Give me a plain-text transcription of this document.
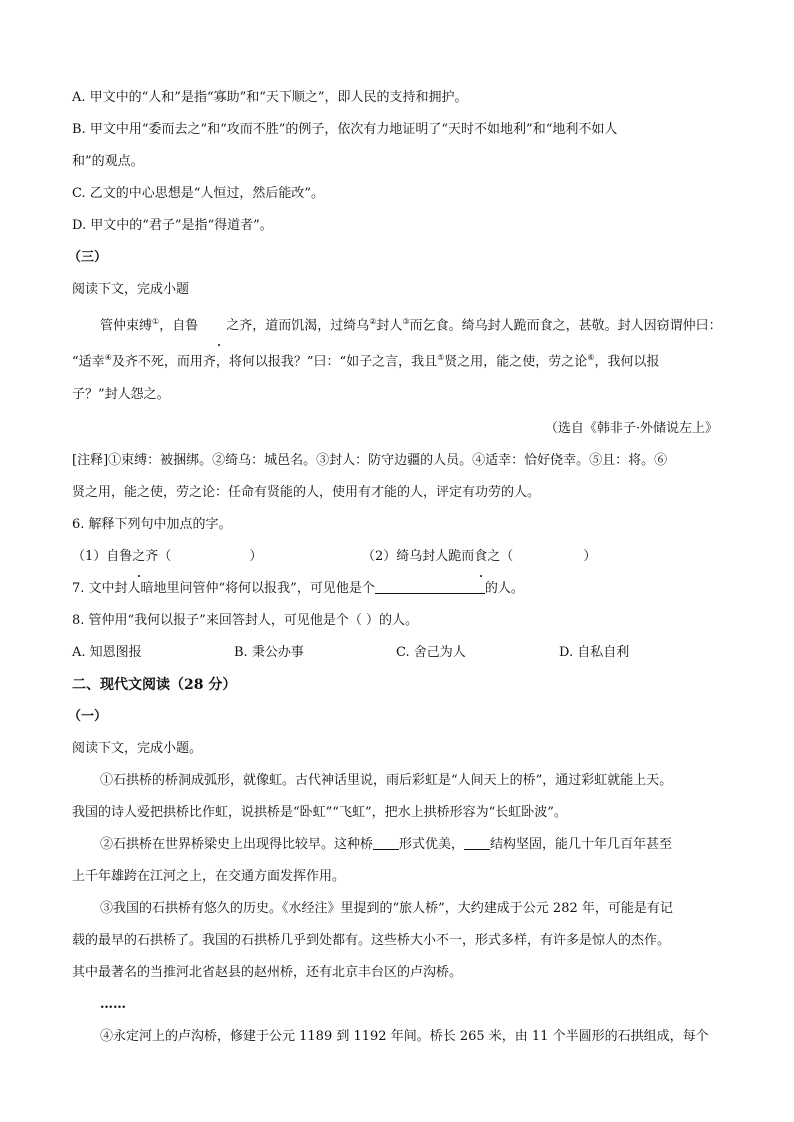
A. 甲文中的“人和”是指“寡助”和“天下顺之”，即人民的支持和拥护。
B. 甲文中用“委而去之”和“攻而不胜”的例子，依次有力地证明了“天时不如地利”和“地利不如人
和”的观点。
C. 乙文的中心思想是“人恒过，然后能改”。
D. 甲文中的“君子”是指“得道者”。
（三）
阅读下文，完成小题
管仲束缚①，自鲁 之齐，道而饥渴，过绮乌②封人③而乞食。绮乌封人跪而食之，甚敬。封人因窃谓仲曰：
“适幸④及齐不死，而用齐，将何以报我？”曰：“如子之言，我且⑤贤之用，能之使，劳之论⑥，我何以报
子？”封人怨之。
（选自《韩非子·外储说左上》
[注释]①束缚：被捆绑。②绮乌：城邑名。③封人：防守边疆的人员。④适幸：恰好侥幸。⑤且：将。⑥
贤之用，能之使，劳之论：任命有贤能的人，使用有才能的人，评定有功劳的人。
6. 解释下列句中加点的字。
（1）自鲁之齐（	）	（2）绮乌封人跪而食之（	）
7. 文中封人暗地里问管仲“将何以报我”，可见他是个	的人。
8. 管仲用“我何以报子”来回答封人，可见他是个（ ）的人。
A. 知恩图报	B. 秉公办事	C. 舍己为人	D. 自私自利
二、现代文阅读（28 分）
（一）
阅读下文，完成小题。
①石拱桥的桥洞成弧形，就像虹。古代神话里说，雨后彩虹是“人间天上的桥”，通过彩虹就能上天。
我国的诗人爱把拱桥比作虹，说拱桥是“卧虹”“飞虹”，把水上拱桥形容为“长虹卧波”。
②石拱桥在世界桥梁史上出现得比较早。这种桥 形式优美， 结构坚固，能几十年几百年甚至
上千年雄跨在江河之上，在交通方面发挥作用。
③我国的石拱桥有悠久的历史。《水经注》里提到的“旅人桥”，大约建成于公元 282 年，可能是有记
载的最早的石拱桥了。我国的石拱桥几乎到处都有。这些桥大小不一，形式多样，有许多是惊人的杰作。
其中最著名的当推河北省赵县的赵州桥，还有北京丰台区的卢沟桥。
……
④永定河上的卢沟桥，修建于公元 1189 到 1192 年间。桥长 265 米，由 11 个半圆形的石拱组成，每个
